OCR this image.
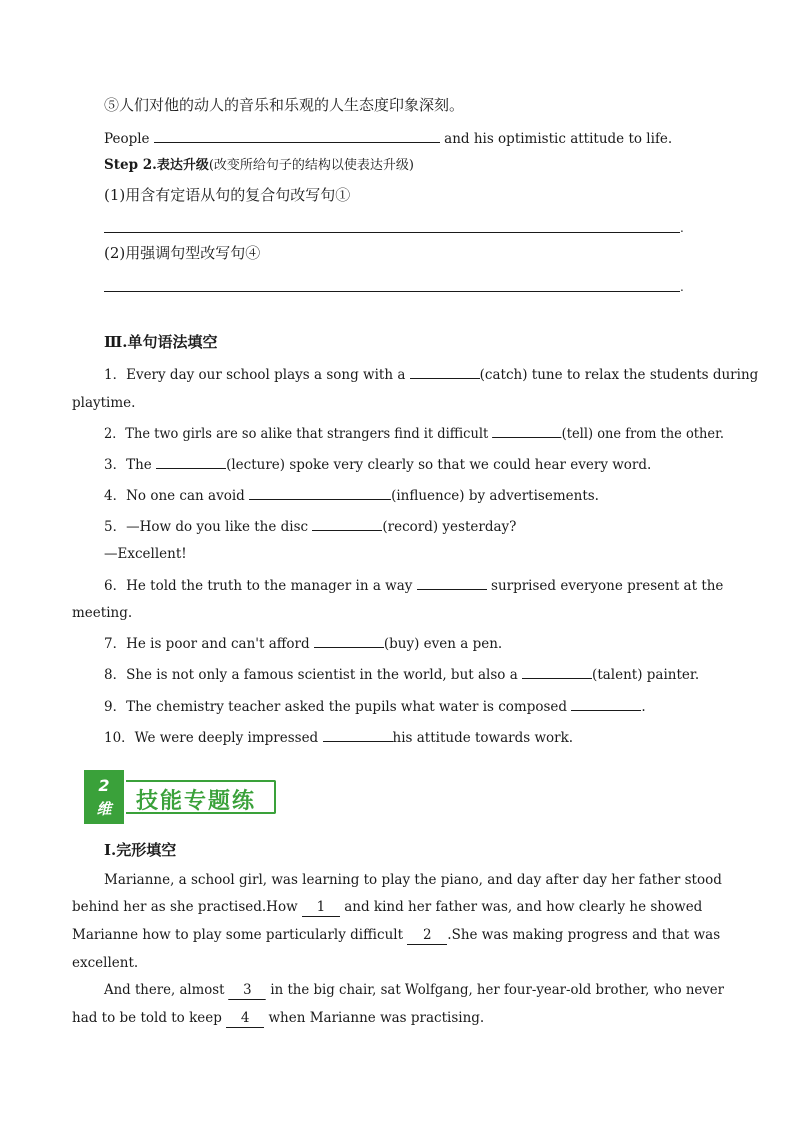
⑤人们对他的动人的音乐和乐观的人生态度印象深刻。
People	and his optimistic attitude to life.
Step 2.表达升级(改变所给句子的结构以使表达升级)
(1)用含有定语从句的复合句改写句①
.
(2)用强调句型改写句④
.
Ⅲ.单句语法填空
1．Every day our school plays a song with a	(catch) tune to relax the students during
playtime.
2．The two girls are so alike that strangers find it difficult	(tell) one from the other.
3．The	(lecture) spoke very clearly so that we could hear every word.
4．No one can avoid	(influence) by advertisements.
5．—How do you like the disc	(record) yesterday?
—Excellent!
6．He told the truth to the manager in a way	surprised everyone present at the
meeting.
7．He is poor and can't afford	(buy) even a pen.
8．She is not only a famous scientist in the world, but also a	(talent) painter.
9．The chemistry teacher asked the pupils what water is composed	.
10．We were deeply impressed	his attitude towards work.
2
维	技能专题练
Ⅰ.完形填空
Marianne, a school girl, was learning to play the piano, and day after day her father stood
behind her as she practised.How 1 and kind her father was, and how clearly he showed
Marianne how to play some particularly difficult 2 .She was making progress and that was
excellent.
And there, almost 3 in the big chair, sat Wolfgang, her four-year-old brother, who never
had to be told to keep 4 when Marianne was practising.
